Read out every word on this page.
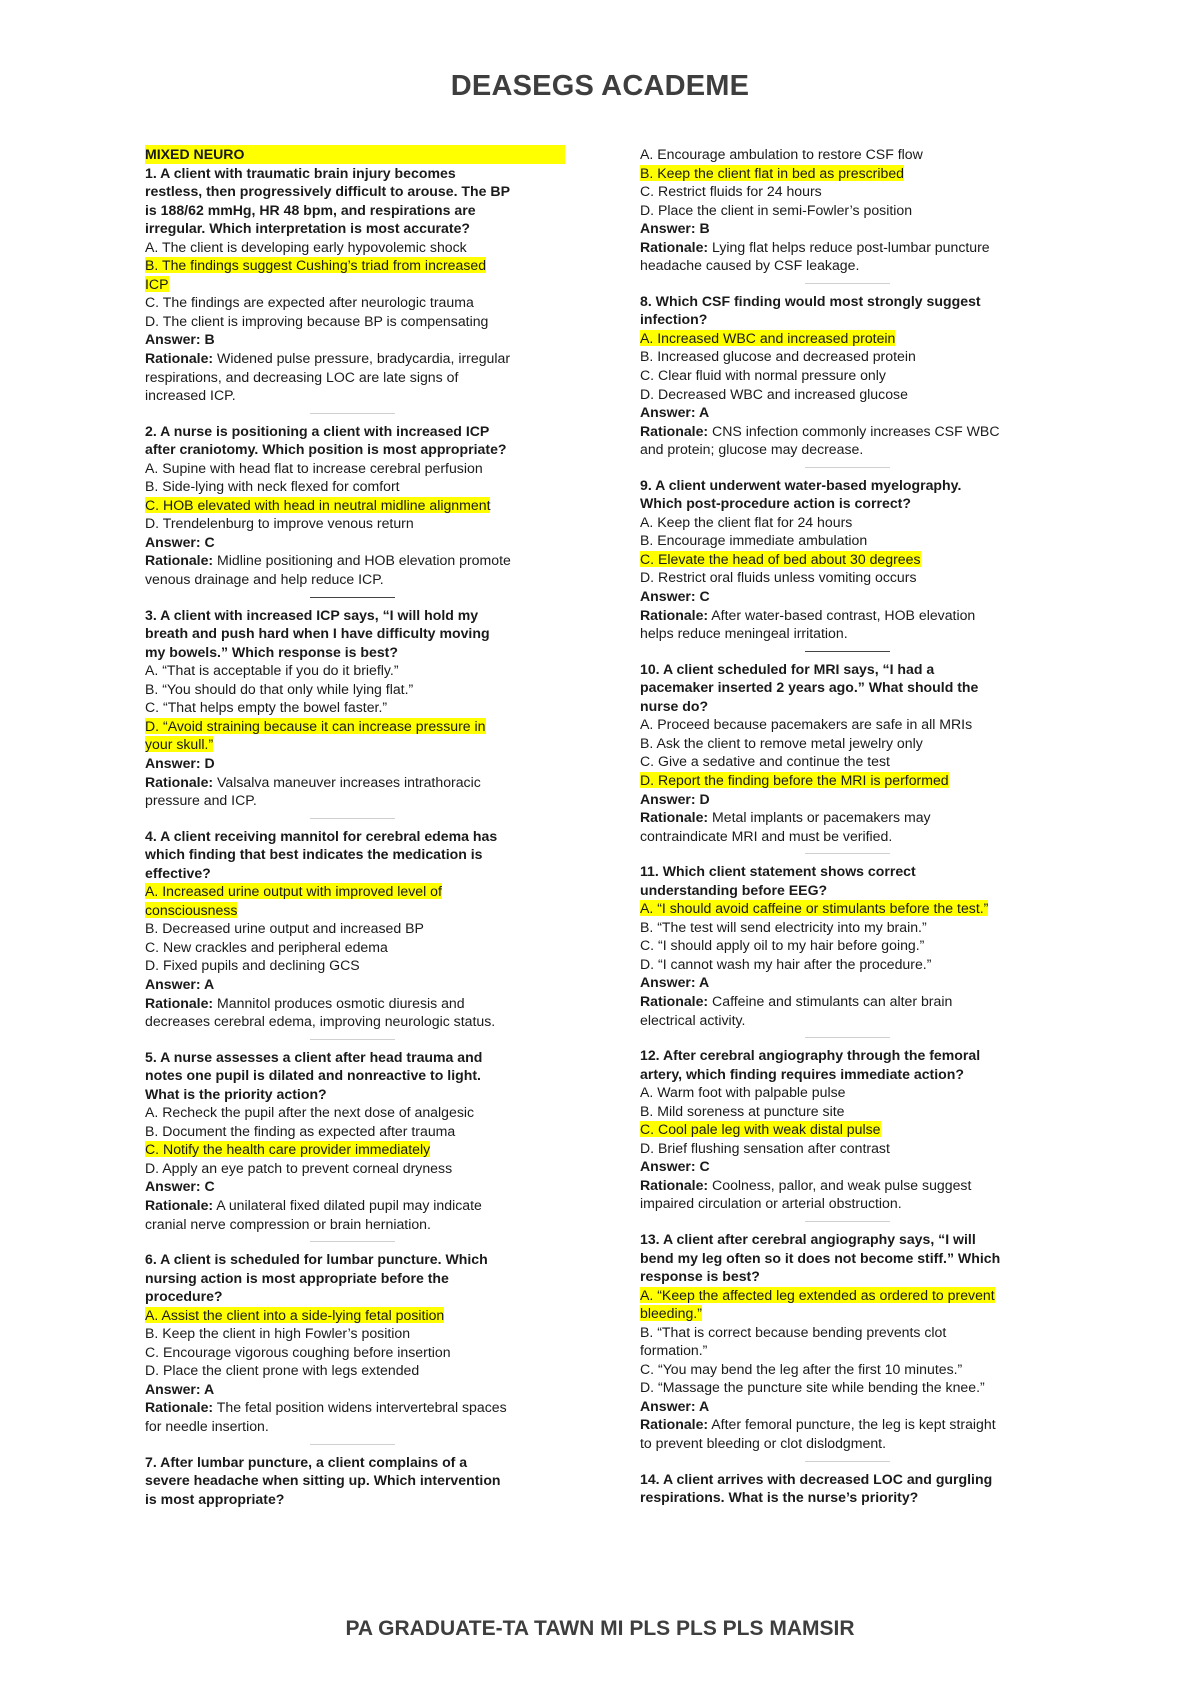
DEASEGS ACADEME
MIXED NEURO
1. A client with traumatic brain injury becomes
restless, then progressively difficult to arouse. The BP
is 188/62 mmHg, HR 48 bpm, and respirations are
irregular. Which interpretation is most accurate?
A. The client is developing early hypovolemic shock
B. The findings suggest Cushing’s triad from increased
ICP
C. The findings are expected after neurologic trauma
D. The client is improving because BP is compensating
Answer: B
Rationale: Widened pulse pressure, bradycardia, irregular
respirations, and decreasing LOC are late signs of
increased ICP.
2. A nurse is positioning a client with increased ICP
after craniotomy. Which position is most appropriate?
A. Supine with head flat to increase cerebral perfusion
B. Side-lying with neck flexed for comfort
C. HOB elevated with head in neutral midline alignment
D. Trendelenburg to improve venous return
Answer: C
Rationale: Midline positioning and HOB elevation promote
venous drainage and help reduce ICP.
3. A client with increased ICP says, “I will hold my
breath and push hard when I have difficulty moving
my bowels.” Which response is best?
A. “That is acceptable if you do it briefly.”
B. “You should do that only while lying flat.”
C. “That helps empty the bowel faster.”
D. “Avoid straining because it can increase pressure in
your skull.”
Answer: D
Rationale: Valsalva maneuver increases intrathoracic
pressure and ICP.
4. A client receiving mannitol for cerebral edema has
which finding that best indicates the medication is
effective?
A. Increased urine output with improved level of
consciousness
B. Decreased urine output and increased BP
C. New crackles and peripheral edema
D. Fixed pupils and declining GCS
Answer: A
Rationale: Mannitol produces osmotic diuresis and
decreases cerebral edema, improving neurologic status.
5. A nurse assesses a client after head trauma and
notes one pupil is dilated and nonreactive to light.
What is the priority action?
A. Recheck the pupil after the next dose of analgesic
B. Document the finding as expected after trauma
C. Notify the health care provider immediately
D. Apply an eye patch to prevent corneal dryness
Answer: C
Rationale: A unilateral fixed dilated pupil may indicate
cranial nerve compression or brain herniation.
6. A client is scheduled for lumbar puncture. Which
nursing action is most appropriate before the
procedure?
A. Assist the client into a side-lying fetal position
B. Keep the client in high Fowler’s position
C. Encourage vigorous coughing before insertion
D. Place the client prone with legs extended
Answer: A
Rationale: The fetal position widens intervertebral spaces
for needle insertion.
7. After lumbar puncture, a client complains of a
severe headache when sitting up. Which intervention
is most appropriate?
A. Encourage ambulation to restore CSF flow
B. Keep the client flat in bed as prescribed
C. Restrict fluids for 24 hours
D. Place the client in semi-Fowler’s position
Answer: B
Rationale: Lying flat helps reduce post-lumbar puncture
headache caused by CSF leakage.
8. Which CSF finding would most strongly suggest
infection?
A. Increased WBC and increased protein
B. Increased glucose and decreased protein
C. Clear fluid with normal pressure only
D. Decreased WBC and increased glucose
Answer: A
Rationale: CNS infection commonly increases CSF WBC
and protein; glucose may decrease.
9. A client underwent water-based myelography.
Which post-procedure action is correct?
A. Keep the client flat for 24 hours
B. Encourage immediate ambulation
C. Elevate the head of bed about 30 degrees
D. Restrict oral fluids unless vomiting occurs
Answer: C
Rationale: After water-based contrast, HOB elevation
helps reduce meningeal irritation.
10. A client scheduled for MRI says, “I had a
pacemaker inserted 2 years ago.” What should the
nurse do?
A. Proceed because pacemakers are safe in all MRIs
B. Ask the client to remove metal jewelry only
C. Give a sedative and continue the test
D. Report the finding before the MRI is performed
Answer: D
Rationale: Metal implants or pacemakers may
contraindicate MRI and must be verified.
11. Which client statement shows correct
understanding before EEG?
A. “I should avoid caffeine or stimulants before the test.”
B. “The test will send electricity into my brain.”
C. “I should apply oil to my hair before going.”
D. “I cannot wash my hair after the procedure.”
Answer: A
Rationale: Caffeine and stimulants can alter brain
electrical activity.
12. After cerebral angiography through the femoral
artery, which finding requires immediate action?
A. Warm foot with palpable pulse
B. Mild soreness at puncture site
C. Cool pale leg with weak distal pulse
D. Brief flushing sensation after contrast
Answer: C
Rationale: Coolness, pallor, and weak pulse suggest
impaired circulation or arterial obstruction.
13. A client after cerebral angiography says, “I will
bend my leg often so it does not become stiff.” Which
response is best?
A. “Keep the affected leg extended as ordered to prevent
bleeding.”
B. “That is correct because bending prevents clot
formation.”
C. “You may bend the leg after the first 10 minutes.”
D. “Massage the puncture site while bending the knee.”
Answer: A
Rationale: After femoral puncture, the leg is kept straight
to prevent bleeding or clot dislodgment.
14. A client arrives with decreased LOC and gurgling
respirations. What is the nurse’s priority?
PA GRADUATE-TA TAWN MI PLS PLS PLS MAMSIR
